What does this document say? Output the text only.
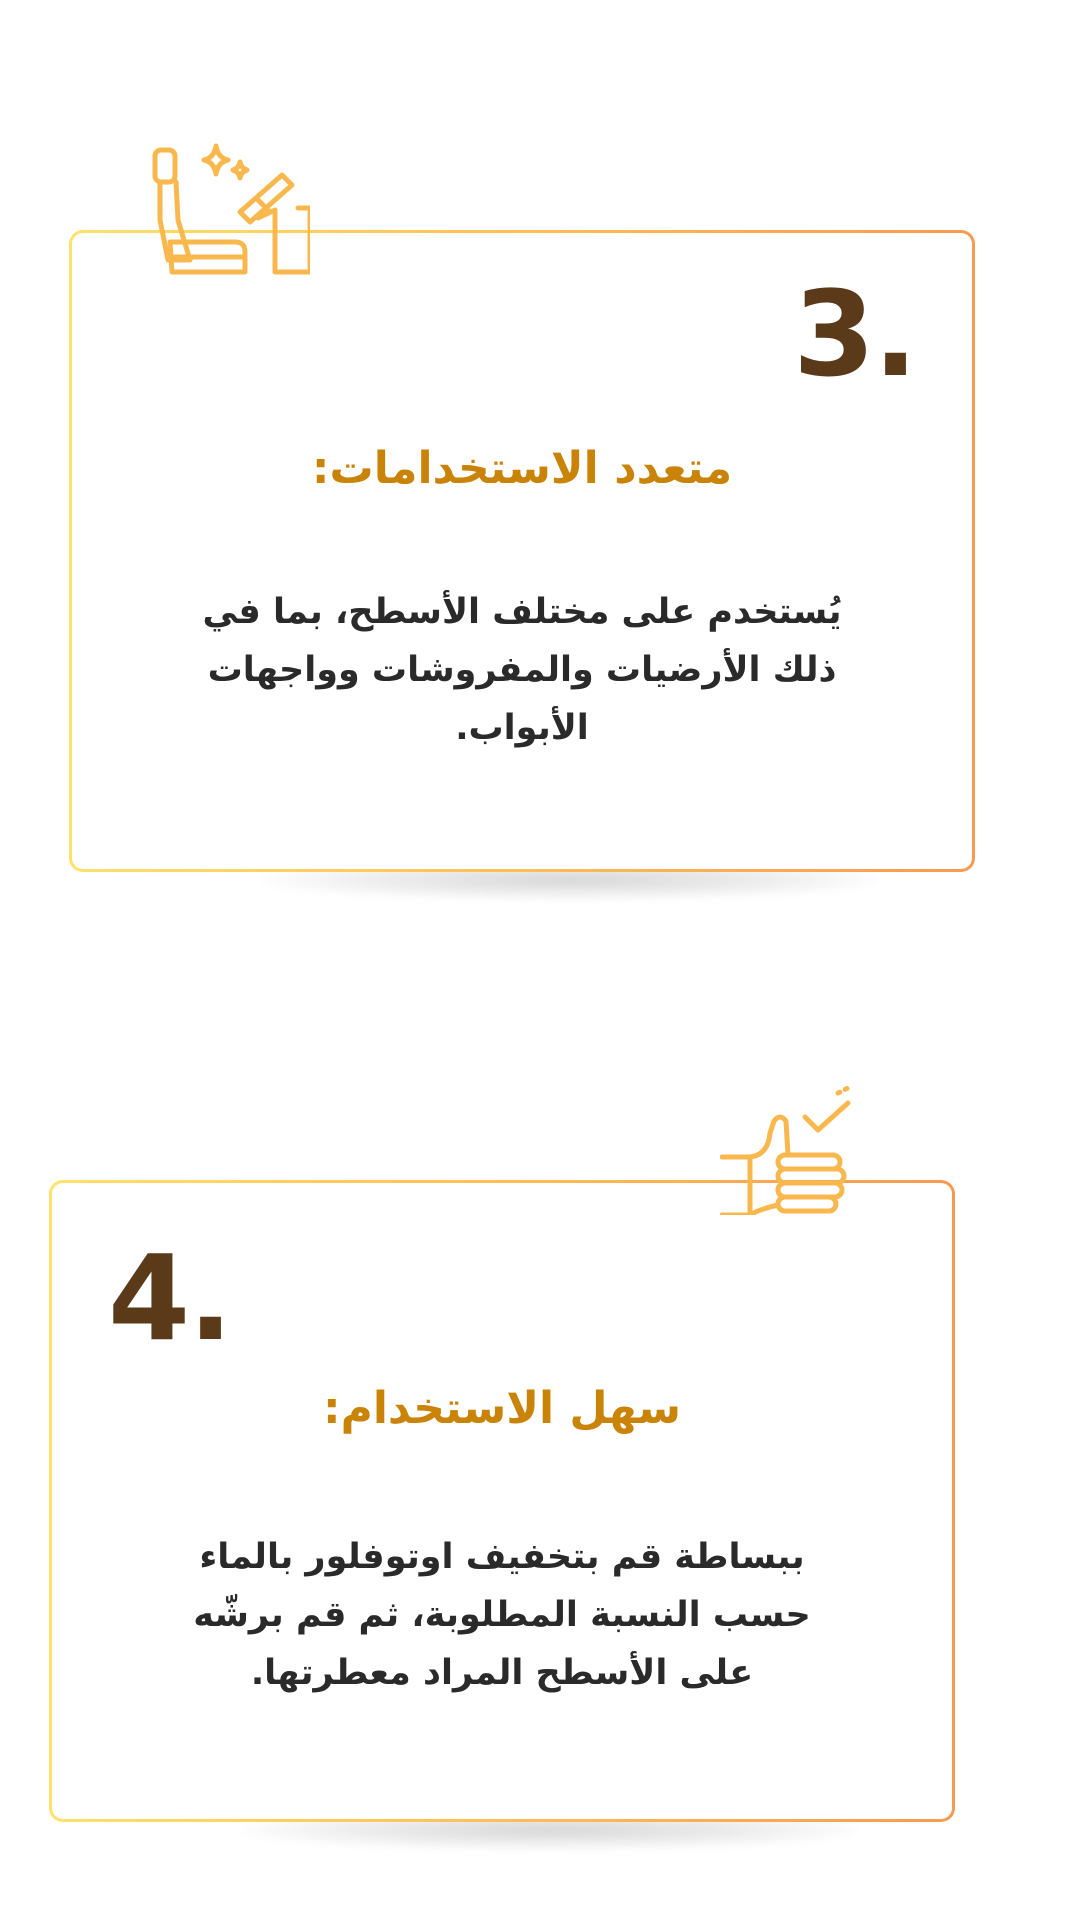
3.
متعدد الاستخدامات:
يُستخدم على مختلف الأسطح، بما في ذلك الأرضيات والمفروشات وواجهات الأبواب.
4.
سهل الاستخدام:
ببساطة قم بتخفيف اوتوفلور بالماء حسب النسبة المطلوبة، ثم قم برشّه على الأسطح المراد معطرتها.
